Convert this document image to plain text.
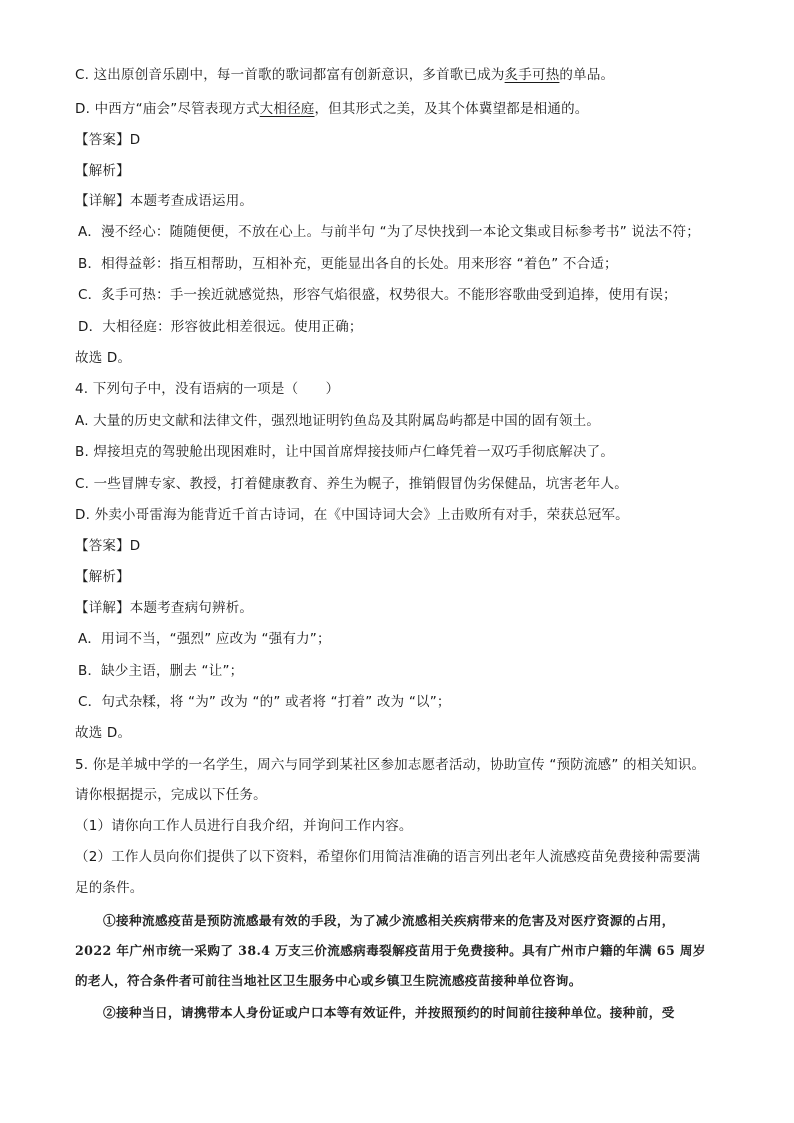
C. 这出原创音乐剧中，每一首歌的歌词都富有创新意识，多首歌已成为炙手可热的单品。
D. 中西方“庙会”尽管表现方式大相径庭，但其形式之美，及其个体冀望都是相通的。
【答案】D
【解析】
【详解】本题考查成语运用。
A．漫不经心：随随便便，不放在心上。与前半句 “为了尽快找到一本论文集或目标参考书” 说法不符；
B．相得益彰：指互相帮助，互相补充，更能显出各自的长处。用来形容 “着色” 不合适；
C．炙手可热：手一挨近就感觉热，形容气焰很盛，权势很大。不能形容歌曲受到追捧，使用有误；
D．大相径庭：形容彼此相差很远。使用正确；
故选 D。
4. 下列句子中，没有语病的一项是（　　）
A. 大量的历史文献和法律文件，强烈地证明钓鱼岛及其附属岛屿都是中国的固有领土。
B. 焊接坦克的驾驶舱出现困难时，让中国首席焊接技师卢仁峰凭着一双巧手彻底解决了。
C. 一些冒牌专家、教授，打着健康教育、养生为幌子，推销假冒伪劣保健品，坑害老年人。
D. 外卖小哥雷海为能背近千首古诗词，在《中国诗词大会》上击败所有对手，荣获总冠军。
【答案】D
【解析】
【详解】本题考查病句辨析。
A．用词不当，“强烈” 应改为 “强有力”；
B．缺少主语，删去 “让”；
C．句式杂糅，将 “为” 改为 “的” 或者将 “打着” 改为 “以”；
故选 D。
5. 你是羊城中学的一名学生，周六与同学到某社区参加志愿者活动，协助宣传 “预防流感” 的相关知识。
请你根据提示，完成以下任务。
（1）请你向工作人员进行自我介绍，并询问工作内容。
（2）工作人员向你们提供了以下资料，希望你们用简洁准确的语言列出老年人流感疫苗免费接种需要满
足的条件。
①接种流感疫苗是预防流感最有效的手段，为了减少流感相关疾病带来的危害及对医疗资源的占用，
2022 年广州市统一采购了 38.4 万支三价流感病毒裂解疫苗用于免费接种。具有广州市户籍的年满 65 周岁
的老人，符合条件者可前往当地社区卫生服务中心或乡镇卫生院流感疫苗接种单位咨询。
②接种当日，请携带本人身份证或户口本等有效证件，并按照预约的时间前往接种单位。接种前，受
